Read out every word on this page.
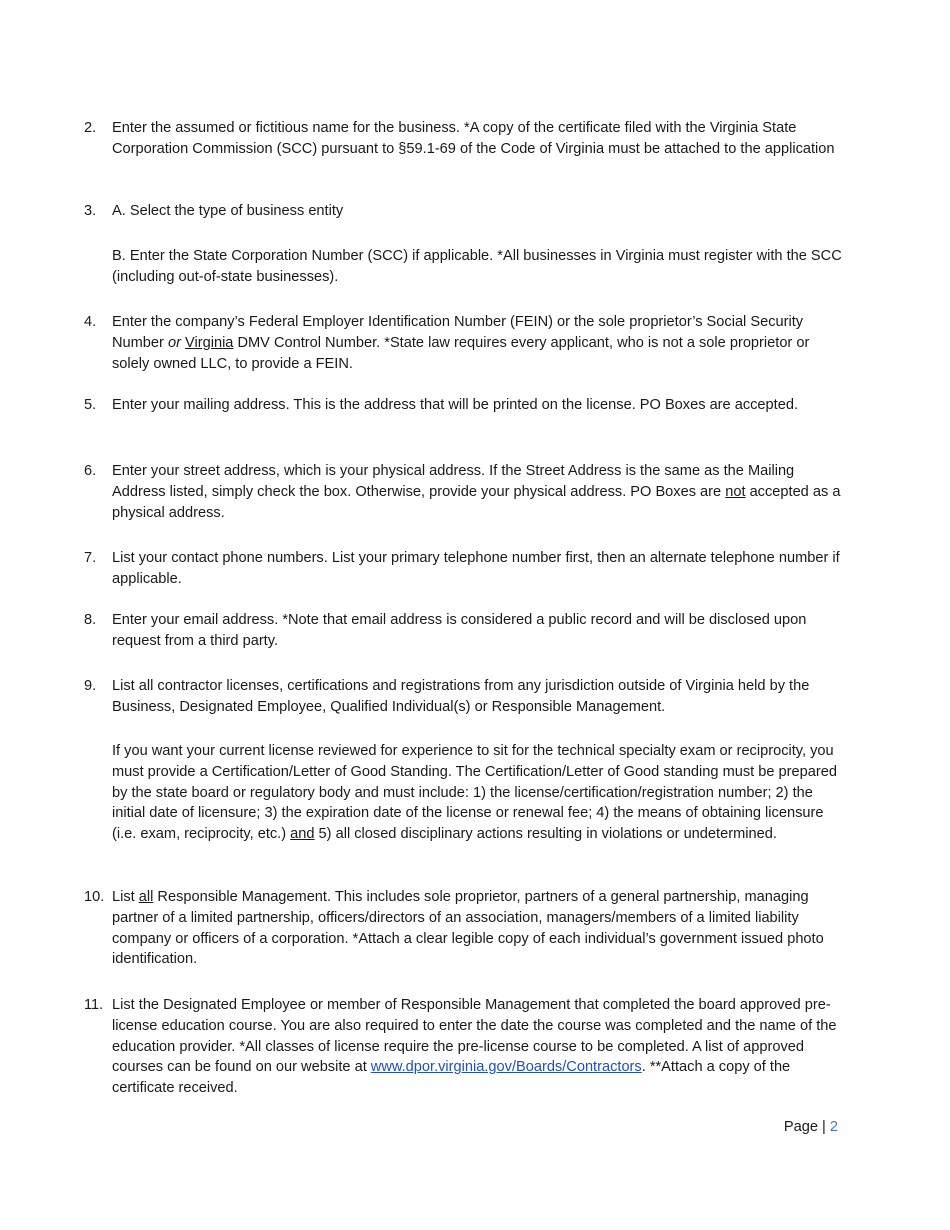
2.	Enter the assumed or fictitious name for the business. *A copy of the certificate filed with the Virginia State Corporation Commission (SCC) pursuant to §59.1-69 of the Code of Virginia must be attached to the application
3.	A. Select the type of business entity
B. Enter the State Corporation Number (SCC) if applicable. *All businesses in Virginia must register with the SCC (including out-of-state businesses).
4.	Enter the company’s Federal Employer Identification Number (FEIN) or the sole proprietor’s Social Security Number or Virginia DMV Control Number. *State law requires every applicant, who is not a sole proprietor or solely owned LLC, to provide a FEIN.
5.	Enter your mailing address. This is the address that will be printed on the license. PO Boxes are accepted.
6.	Enter your street address, which is your physical address. If the Street Address is the same as the Mailing Address listed, simply check the box. Otherwise, provide your physical address. PO Boxes are not accepted as a physical address.
7.	List your contact phone numbers. List your primary telephone number first, then an alternate telephone number if applicable.
8.	Enter your email address. *Note that email address is considered a public record and will be disclosed upon request from a third party.
9.	List all contractor licenses, certifications and registrations from any jurisdiction outside of Virginia held by the Business, Designated Employee, Qualified Individual(s) or Responsible Management.
If you want your current license reviewed for experience to sit for the technical specialty exam or reciprocity, you must provide a Certification/Letter of Good Standing. The Certification/Letter of Good standing must be prepared by the state board or regulatory body and must include: 1) the license/certification/registration number; 2) the initial date of licensure; 3) the expiration date of the license or renewal fee; 4) the means of obtaining licensure (i.e. exam, reciprocity, etc.) and 5) all closed disciplinary actions resulting in violations or undetermined.
10. List all Responsible Management. This includes sole proprietor, partners of a general partnership, managing partner of a limited partnership, officers/directors of an association, managers/members of a limited liability company or officers of a corporation. *Attach a clear legible copy of each individual’s government issued photo identification.
11. List the Designated Employee or member of Responsible Management that completed the board approved pre-license education course. You are also required to enter the date the course was completed and the name of the education provider. *All classes of license require the pre-license course to be completed. A list of approved courses can be found on our website at www.dpor.virginia.gov/Boards/Contractors. **Attach a copy of the certificate received.
Page | 2
